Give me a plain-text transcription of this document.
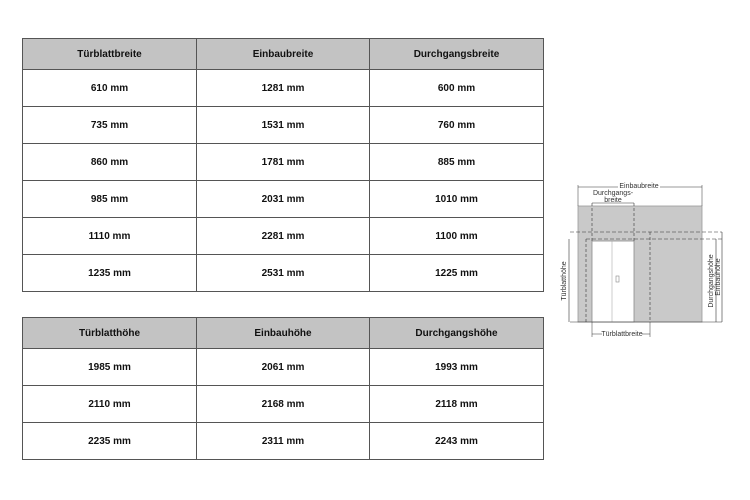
Türblattbreite	Einbaubreite	Durchgangsbreite
610 mm	1281 mm	600 mm
735 mm	1531 mm	760 mm
860 mm	1781 mm	885 mm
985 mm	2031 mm	1010 mm
1110 mm	2281 mm	1100 mm
1235 mm	2531 mm	1225 mm
Türblatthöhe	Einbauhöhe	Durchgangshöhe
1985 mm	2061 mm	1993 mm
2110 mm	2168 mm	2118 mm
2235 mm	2311 mm	2243 mm
Einbaubreite
Durchgangs-
breite
Türblattbreite
Türblatthöhe	Durchgangshöhe Einbauhöhe
